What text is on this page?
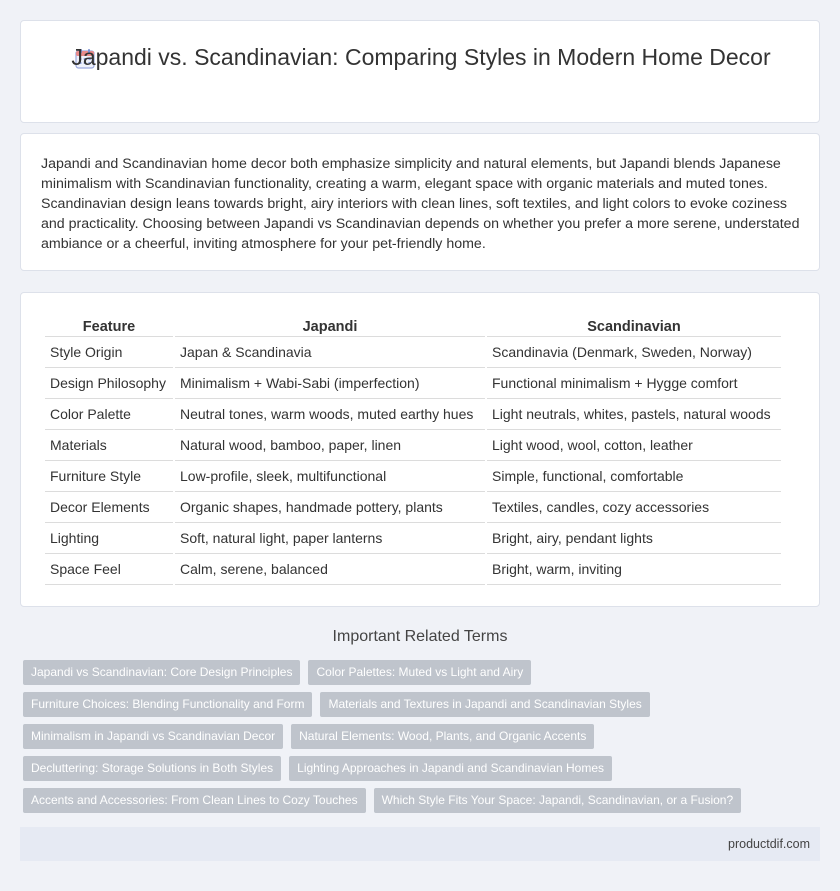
Japandi vs. Scandinavian: Comparing Styles in Modern Home Decor

Japandi and Scandinavian home decor both emphasize simplicity and natural elements, but Japandi blends Japanese minimalism with Scandinavian functionality, creating a warm, elegant space with organic materials and muted tones. Scandinavian design leans towards bright, airy interiors with clean lines, soft textiles, and light colors to evoke coziness and practicality. Choosing between Japandi vs Scandinavian depends on whether you prefer a more serene, understated ambiance or a cheerful, inviting atmosphere for your pet-friendly home.

Feature	Japandi	Scandinavian
Style Origin	Japan & Scandinavia	Scandinavia (Denmark, Sweden, Norway)
Design Philosophy	Minimalism + Wabi-Sabi (imperfection)	Functional minimalism + Hygge comfort
Color Palette	Neutral tones, warm woods, muted earthy hues	Light neutrals, whites, pastels, natural woods
Materials	Natural wood, bamboo, paper, linen	Light wood, wool, cotton, leather
Furniture Style	Low-profile, sleek, multifunctional	Simple, functional, comfortable
Decor Elements	Organic shapes, handmade pottery, plants	Textiles, candles, cozy accessories
Lighting	Soft, natural light, paper lanterns	Bright, airy, pendant lights
Space Feel	Calm, serene, balanced	Bright, warm, inviting
Important Related Terms
Japandi vs Scandinavian: Core Design Principles	Color Palettes: Muted vs Light and Airy
Furniture Choices: Blending Functionality and Form	Materials and Textures in Japandi and Scandinavian Styles
Minimalism in Japandi vs Scandinavian Decor	Natural Elements: Wood, Plants, and Organic Accents
Decluttering: Storage Solutions in Both Styles	Lighting Approaches in Japandi and Scandinavian Homes
Accents and Accessories: From Clean Lines to Cozy Touches	Which Style Fits Your Space: Japandi, Scandinavian, or a Fusion?
productdif.com
